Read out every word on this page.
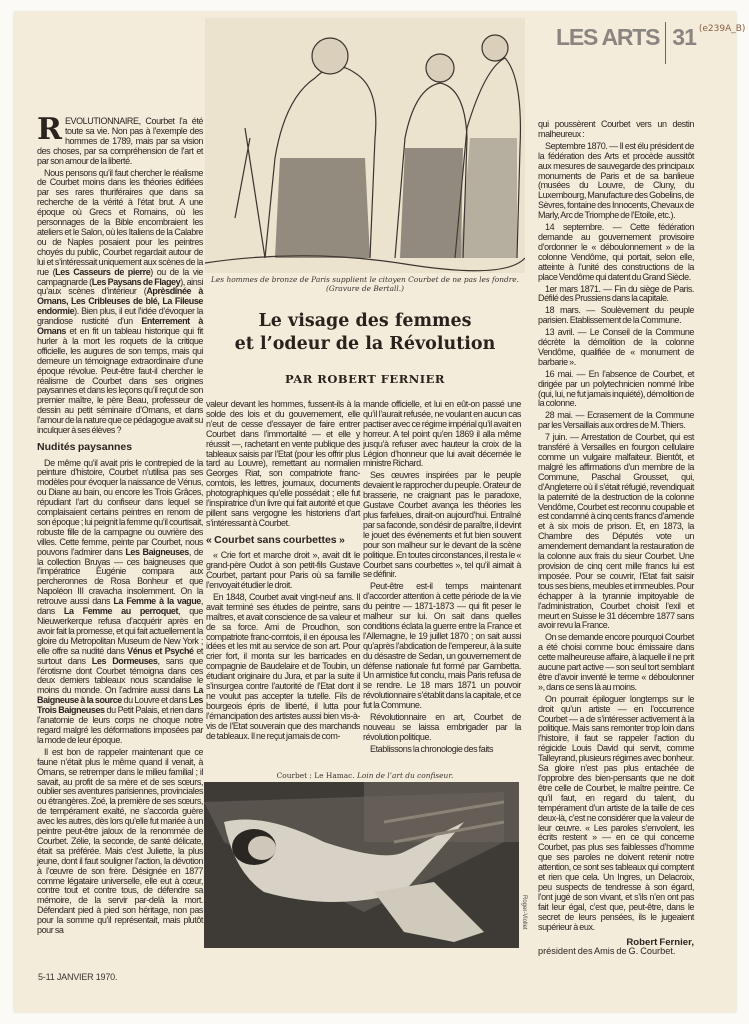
LES ARTS 31 (e239A_B)
Les hommes de bronze de Paris supplient le citoyen Courbet de ne pas les fondre.
(Gravure de Bertall.)
Le visage des femmes
et l’odeur de la Révolution
PAR ROBERT FERNIER

REVOLUTIONNAIRE, Courbet l’a été toute sa vie. Non pas à l’exemple des hommes de 1789, mais par sa vision des choses, par sa compréhension de l’art et par son amour de la liberté.

Nous pensons qu’il faut chercher le réalisme de Courbet moins dans les théories édifiées par ses rares thuriféraires que dans sa recherche de la vérité à l’état brut. A une époque où Grecs et Romains, où les personnages de la Bible encombraient les ateliers et le Salon, où les Italiens de la Calabre ou de Naples posaient pour les peintres choyés du public, Courbet regardait autour de lui et s’intéressait uniquement aux scènes de la rue (Les Casseurs de pierre) ou de la vie campagnarde (Les Paysans de Flagey), ainsi qu’aux scènes d’intérieur (Aprèsdînée à Ornans, Les Cribleuses de blé, La Fileuse endormie). Bien plus, il eut l’idée d’évoquer la grandiose rusticité d’un Enterrement à Ornans et en fit un tableau historique qui fit hurler à la mort les roquets de la critique officielle, les augures de son temps, mais qui demeure un témoignage extraordinaire d’une époque révolue. Peut-être faut-il chercher le réalisme de Courbet dans ses origines paysannes et dans les leçons qu’il reçut de son premier maître, le père Beau, professeur de dessin au petit séminaire d’Ornans, et dans l’amour de la nature que ce pédagogue avait su inculquer à ses élèves ?

Nudités paysannes

De même qu’il avait pris le contrepied de la peinture d’histoire, Courbet n’utilisa pas ses modèles pour évoquer la naissance de Vénus, ou Diane au bain, ou encore les Trois Grâces, répudiant l’art du confiseur dans lequel se complaisaient certains peintres en renom de son époque ; lui peignit la femme qu’il courtisait, robuste fille de la campagne ou ouvrière des villes. Cette femme, peinte par Courbet, nous pouvons l’admirer dans Les Baigneuses, de la collection Bruyas — ces baigneuses que l’impératrice Eugénie compara aux percheronnes de Rosa Bonheur et que Napoléon III cravacha insolemment. On la retrouve aussi dans La Femme à la vague, dans La Femme au perroquet, que Nieuwerkerque refusa d’acquérir après en avoir fait la promesse, et qui fait actuellement la gloire du Metropolitan Museum de New York ; elle offre sa nudité dans Vénus et Psyché et surtout dans Les Dormeuses, sans que l’érotisme dont Courbet témoigna dans ces deux derniers tableaux nous scandalise le moins du monde. On l’admire aussi dans La Baigneuse à la source du Louvre et dans Les Trois Baigneuses du Petit Palais, et rien dans l’anatomie de leurs corps ne choque notre regard malgré les déformations imposées par la mode de leur époque.

Il est bon de rappeler maintenant que ce faune n’était plus le même quand il venait, à Ornans, se retremper dans le milieu familial ; il savait, au profit de sa mère et de ses sœurs, oublier ses aventures parisiennes, provinciales ou étrangères. Zoé, la première de ses sœurs, de tempérament exalté, ne s’accorda guère avec les autres, dès lors qu’elle fut mariée à un peintre peut-être jaloux de la renommée de Courbet. Zélie, la seconde, de santé délicate, était sa préférée. Mais c’est Juliette, la plus jeune, dont il faut souligner l’action, la dévotion à l’œuvre de son frère. Désignée en 1877 comme légataire universelle, elle eut à cœur, contre tout et contre tous, de défendre sa mémoire, de la servir par-delà la mort. Défendant pied à pied son héritage, non pas pour la somme qu’il représentait, mais plutôt pour sa

valeur devant les hommes, fussent-ils à la solde des lois et du gouvernement, elle n’eut de cesse d’essayer de faire entrer Courbet dans l’immortalité — et elle y réussit —, rachetant en vente publique des tableaux saisis par l’Etat (pour les offrir plus tard au Louvre), remettant au normalien Georges Riat, son compatriote franc-comtois, les lettres, journaux, documents photographiques qu’elle possédait ; elle fut l’inspiratrice d’un livre qui fait autorité et que pillent sans vergogne les historiens d’art s’intéressant à Courbet.

« Courbet sans courbettes »

« Crie fort et marche droit », avait dit le grand-père Oudot à son petit-fils Gustave Courbet, partant pour Paris où sa famille l’envoyait étudier le droit.

En 1848, Courbet avait vingt-neuf ans. Il avait terminé ses études de peintre, sans maîtres, et avait conscience de sa valeur et de sa force. Ami de Proudhon, son compatriote franc-comtois, il en épousa les idées et les mit au service de son art. Pour crier fort, il monta sur les barricades en compagnie de Baudelaire et de Toubin, un étudiant originaire du Jura, et par la suite il s’insurgea contre l’autorité de l’Etat dont il ne voulut pas accepter la tutelle. Fils de bourgeois épris de liberté, il lutta pour l’émancipation des artistes aussi bien vis-à-vis de l’Etat souverain que des marchands de tableaux. Il ne reçut jamais de com-

mande officielle, et lui en eût-on passé une qu’il l’aurait refusée, ne voulant en aucun cas pactiser avec ce régime impérial qu’il avait en horreur. A tel point qu’en 1869 il alla même jusqu’à refuser avec hauteur la croix de la Légion d’honneur que lui avait décernée le ministre Richard.

Ses œuvres inspirées par le peuple devaient le rapprocher du peuple. Orateur de brasserie, ne craignant pas le paradoxe, Gustave Courbet avança les théories les plus farfelues, dirait-on aujourd’hui. Entraîné par sa faconde, son désir de paraître, il devint le jouet des événements et fut bien souvent pour son malheur sur le devant de la scène politique. En toutes circonstances, il resta le « Courbet sans courbettes », tel qu’il aimait à se définir.

Peut-être est-il temps maintenant d’accorder attention à cette période de la vie du peintre — 1871-1873 — qui fit peser le malheur sur lui. On sait dans quelles conditions éclata la guerre entre la France et l’Allemagne, le 19 juillet 1870 ; on sait aussi qu’après l’abdication de l’empereur, à la suite du désastre de Sedan, un gouvernement de défense nationale fut formé par Gambetta. Un armistice fut conclu, mais Paris refusa de se rendre. Le 18 mars 1871 un pouvoir révolutionnaire s’établit dans la capitale, et ce fut la Commune.

Révolutionnaire en art, Courbet de nouveau se laissa embrigader par la révolution politique.

Etablissons la chronologie des faits

qui poussèrent Courbet vers un destin malheureux :

Septembre 1870. — Il est élu président de la fédération des Arts et procède aussitôt aux mesures de sauvegarde des principaux monuments de Paris et de sa banlieue (musées du Louvre, de Cluny, du Luxembourg, Manufacture des Gobelins, de Sèvres, fontaine des Innocents, Chevaux de Marly, Arc de Triomphe de l’Etoile, etc.).

14 septembre. — Cette fédération demande au gouvernement provisoire d’ordonner le « déboulonnement » de la colonne Vendôme, qui portait, selon elle, atteinte à l’unité des constructions de la place Vendôme qui datent du Grand Siècle.

1er mars 1871. — Fin du siège de Paris. Défilé des Prussiens dans la capitale.

18 mars. — Soulèvement du peuple parisien. Etablissement de la Commune.

13 avril. — Le Conseil de la Commune décrète la démolition de la colonne Vendôme, qualifiée de « monument de barbarie ».

16 mai. — En l’absence de Courbet, et dirigée par un polytechnicien nommé Iribe (qui, lui, ne fut jamais inquiété), démolition de la colonne.

28 mai. — Ecrasement de la Commune par les Versaillais aux ordres de M. Thiers.

7 juin. — Arrestation de Courbet, qui est transféré à Versailles en fourgon cellulaire comme un vulgaire malfaiteur. Bientôt, et malgré les affirmations d’un membre de la Commune, Paschal Grousset, qui, d’Angleterre où il s’était réfugié, revendiquait la paternité de la destruction de la colonne Vendôme, Courbet est reconnu coupable et est condamné à cinq cents francs d’amende et à six mois de prison. Et, en 1873, la Chambre des Députés vote un amendement demandant la restauration de la colonne aux frais du sieur Courbet. Une provision de cinq cent mille francs lui est imposée. Pour se couvrir, l’Etat fait saisir tous ses biens, meubles et immeubles. Pour échapper à la tyrannie impitoyable de l’administration, Courbet choisit l’exil et meurt en Suisse le 31 décembre 1877 sans avoir revu la France.

On se demande encore pourquoi Courbet a été choisi comme bouc émissaire dans cette malheureuse affaire, à laquelle il ne prit aucune part active — son seul tort semblant être d’avoir inventé le terme « déboulonner », dans ce sens là au moins.

On pourrait épiloguer longtemps sur le droit qu’un artiste — en l’occurrence Courbet — a de s’intéresser activement à la politique. Mais sans remonter trop loin dans l’histoire, il faut se rappeler l’action du régicide Louis David qui servit, comme Talleyrand, plusieurs régimes avec bonheur. Sa gloire n’est pas plus entachée de l’opprobre des bien-pensants que ne doit être celle de Courbet, le maître peintre. Ce qu’il faut, en regard du talent, du tempérament d’un artiste de la taille de ces deux-là, c’est ne considérer que la valeur de leur œuvre. « Les paroles s’envolent, les écrits restent » — en ce qui concerne Courbet, pas plus ses faiblesses d’homme que ses paroles ne doivent retenir notre attention, ce sont ses tableaux qui comptent et rien que cela. Un Ingres, un Delacroix, peu suspects de tendresse à son égard, l’ont jugé de son vivant, et s’ils n’en ont pas fait leur égal, c’est que, peut-être, dans le secret de leurs pensées, ils le jugeaient supérieur à eux.

Robert Fernier,
président des Amis de G. Courbet.
Courbet : Le Hamac. Loin de l’art du confiseur.
Roger-Viollet
5-11 JANVIER 1970.
